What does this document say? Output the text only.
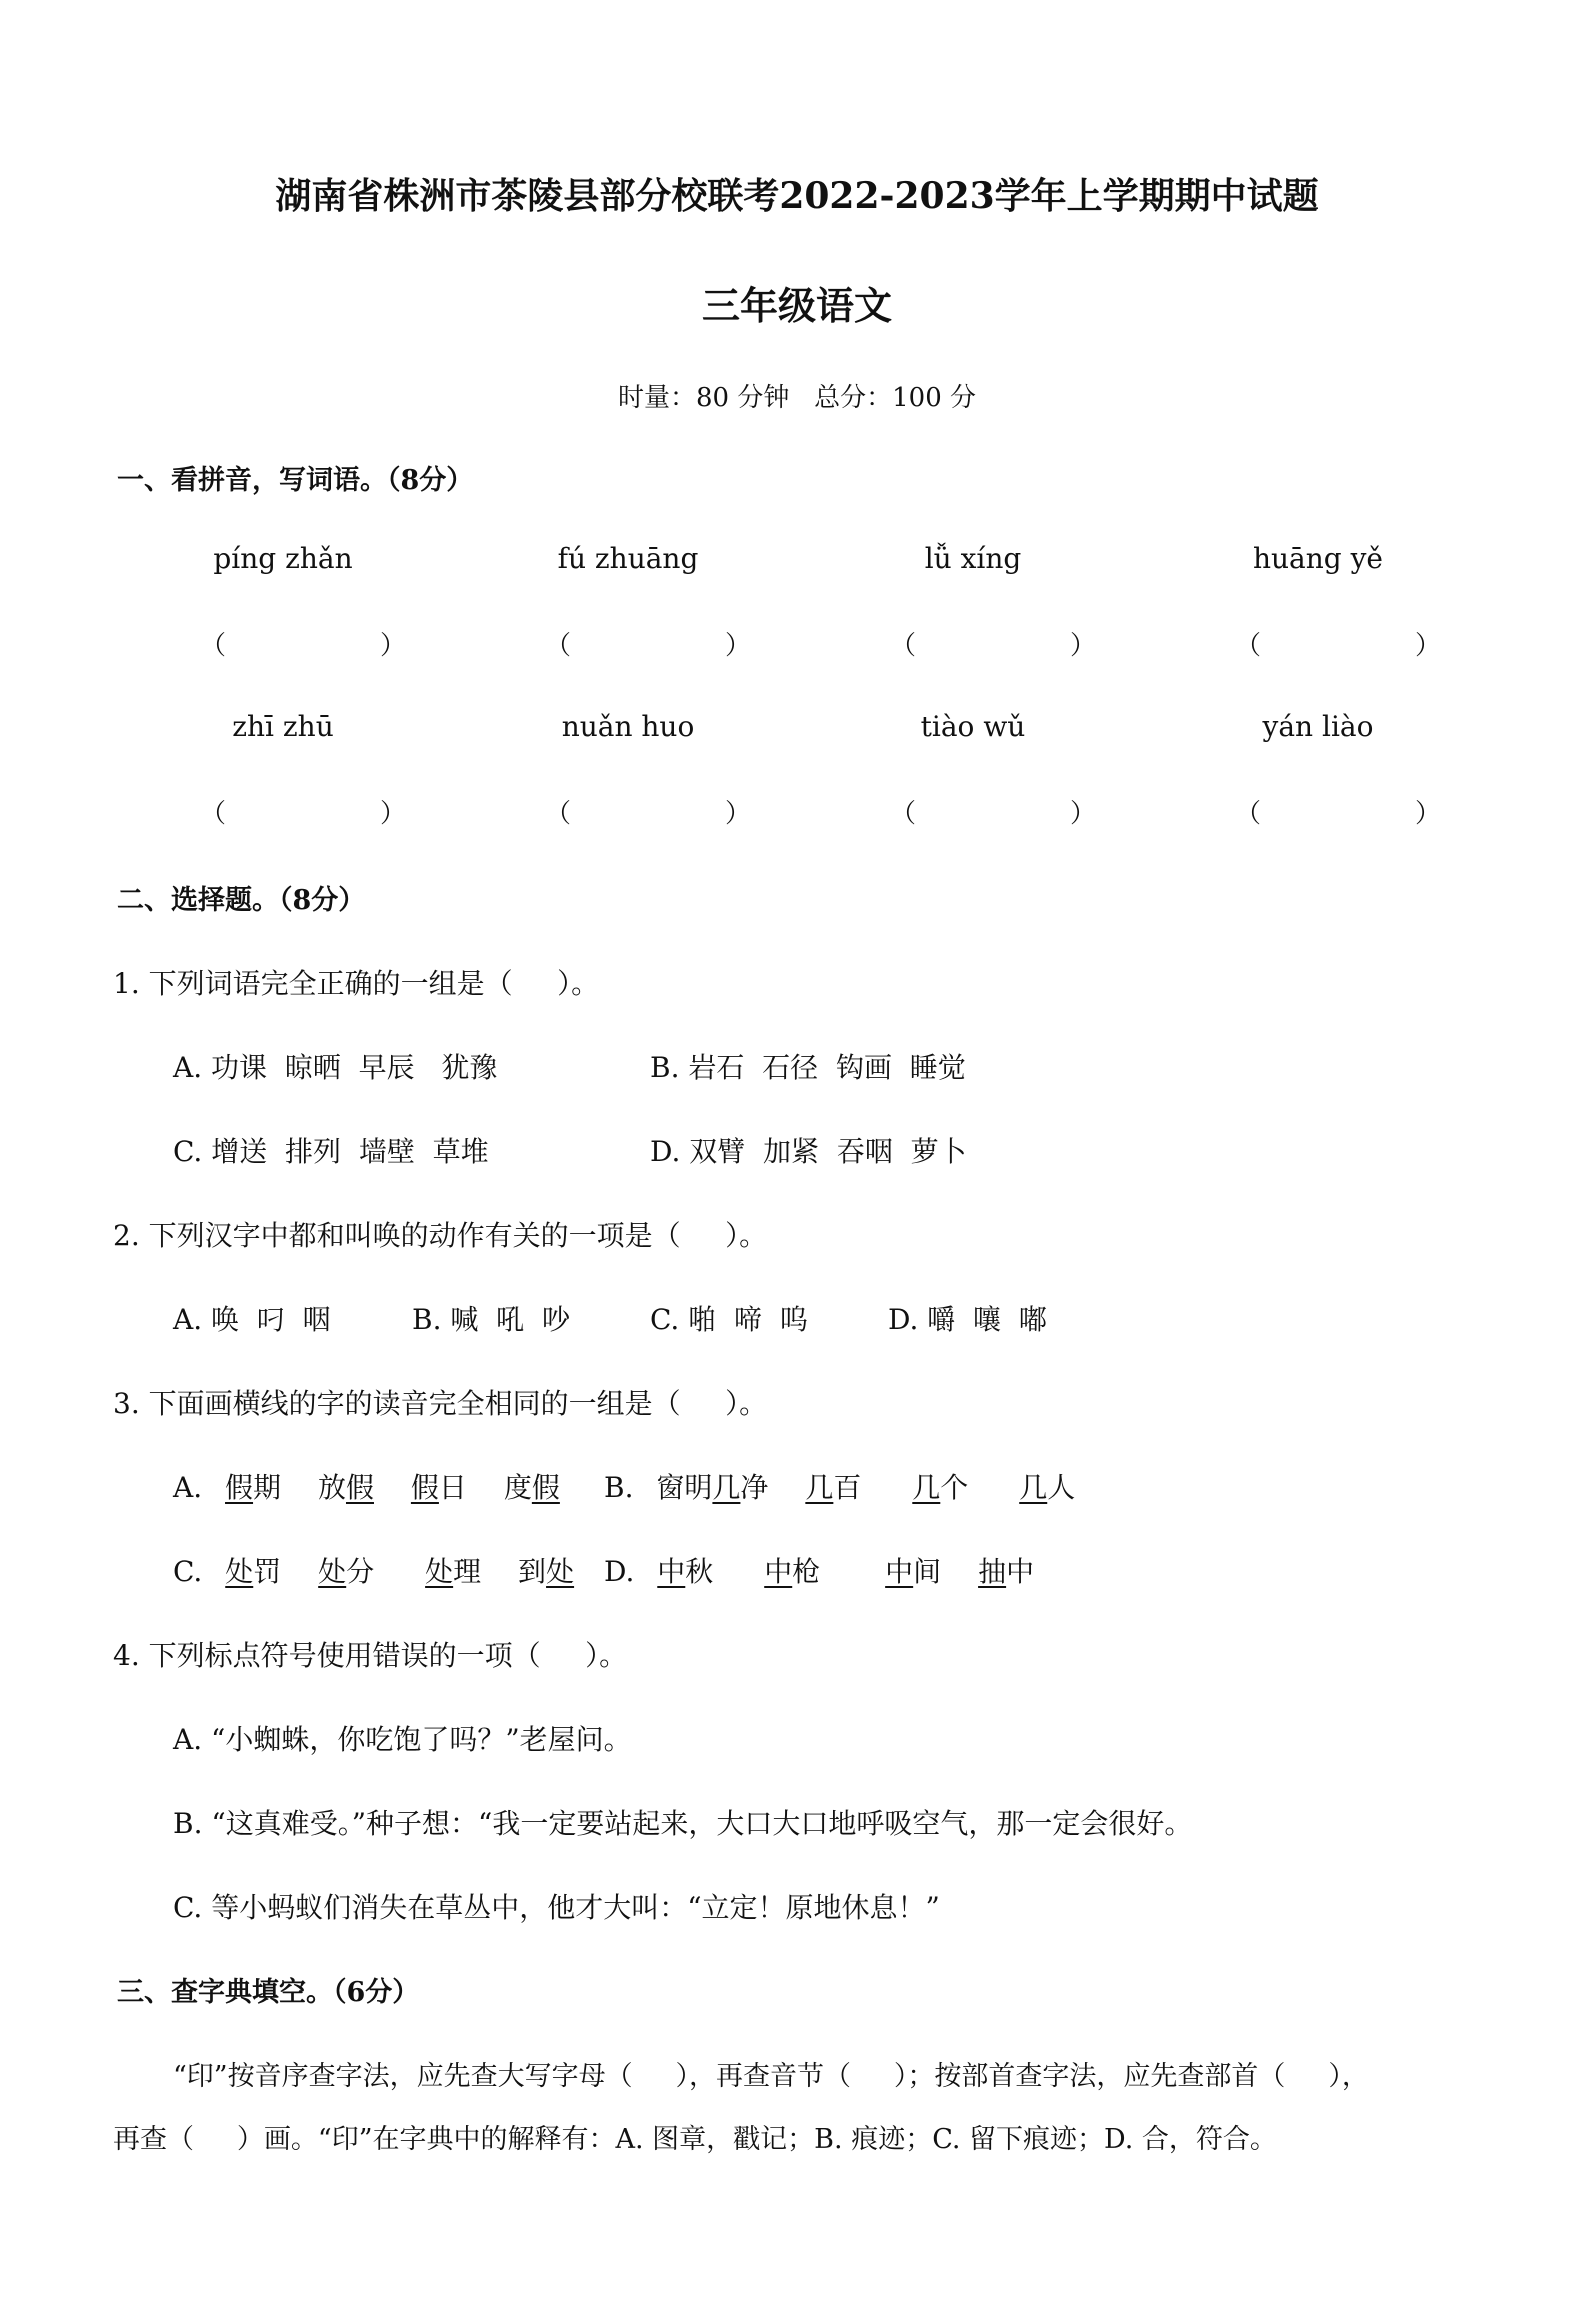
湖南省株洲市茶陵县部分校联考2022-2023学年上学期期中试题
三年级语文
时量：80 分钟   总分：100 分
一、看拼音，写词语。（8分）
píng zhǎn	fú zhuāng	lǚ xíng	huāng yě
（	）	（	）	（	）	（	）
zhī zhū	nuǎn huo	tiào wǔ	yán liào
（	）	（	）	（	）	（	）
二、选择题。（8分）
1. 下列词语完全正确的一组是（     ）。
A. 功课  晾晒  早辰   犹豫	B. 岩石  石径  钩画  睡觉
C. 增送  排列  墙壁  草堆	D. 双臂  加紧  吞咽  萝卜
2. 下列汉字中都和叫唤的动作有关的一项是（     ）。
A. 唤  叼  咽	B. 喊  吼  吵	C. 啪  啼  呜	D. 嚼  嚷  嘟
3. 下面画横线的字的读音完全相同的一组是（     ）。
A. 假期 放假 假日 度假 B. 窗明几净 几百 几个 几人
C. 处罚 处分 处理 到处 D. 中秋 中枪 中间 抽中
4. 下列标点符号使用错误的一项（     ）。
A. “小蜘蛛，你吃饱了吗？”老屋问。
B. “这真难受。”种子想：“我一定要站起来，大口大口地呼吸空气，那一定会很好。
C. 等小蚂蚁们消失在草丛中，他才大叫：“立定！原地休息！”
三、查字典填空。（6分）
“印”按音序查字法，应先查大写字母（     ），再查音节（     ）；按部首查字法，应先查部首（     ），
再查（     ）画。“印”在字典中的解释有：A. 图章，戳记；B. 痕迹；C. 留下痕迹；D. 合，符合。
